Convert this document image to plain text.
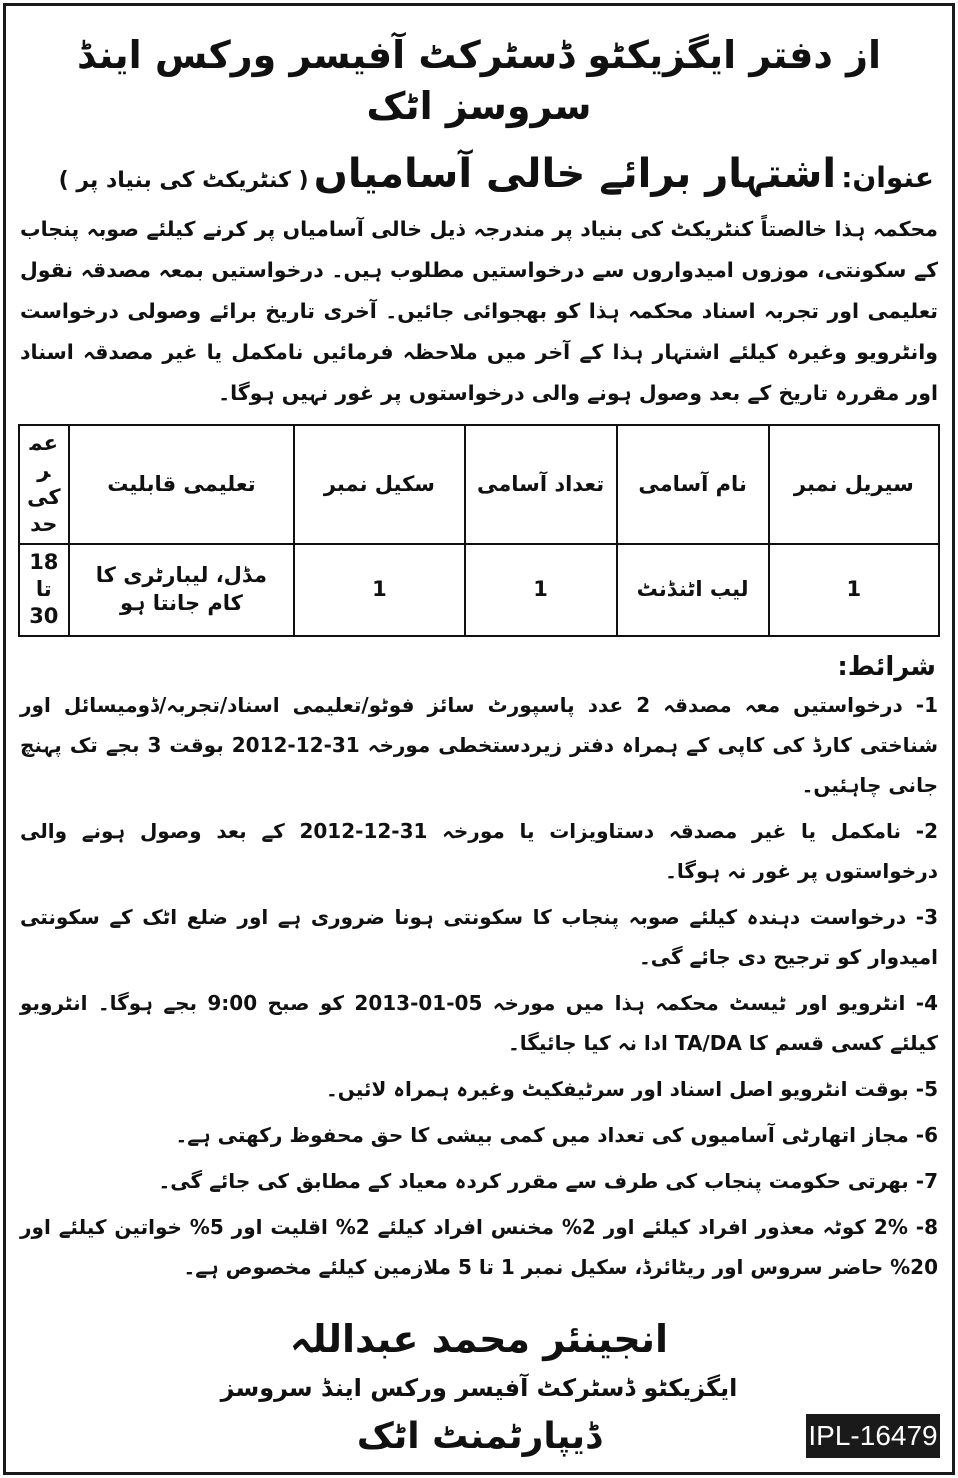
از دفتر ایگزیکٹو ڈسٹرکٹ آفیسر ورکس اینڈ سروسز اٹک
عنوان: اشتہار برائے خالی آسامیاں ( کنٹریکٹ کی بنیاد پر )
محکمہ ہذا خالصتاً کنٹریکٹ کی بنیاد پر مندرجہ ذیل خالی آسامیاں پر کرنے کیلئے صوبہ پنجاب کے سکونتی، موزوں امیدواروں سے درخواستیں مطلوب ہیں۔ درخواستیں بمعہ مصدقہ نقول تعلیمی اور تجربہ اسناد محکمہ ہذا کو بھجوائی جائیں۔ آخری تاریخ برائے وصولی درخواست وانٹرویو وغیرہ کیلئے اشتہار ہذا کے آخر میں ملاحظہ فرمائیں نامکمل یا غیر مصدقہ اسناد اور مقررہ تاریخ کے بعد وصول ہونے والی درخواستوں پر غور نہیں ہوگا۔
سیریل نمبر	نام آسامی	تعداد آسامی	سکیل نمبر	تعلیمی قابلیت	عمر کی حد
1	لیب اٹنڈنٹ	1	1	مڈل، لیبارٹری کا کام جانتا ہو	18 تا 30
شرائط:

1- درخواستیں معہ مصدقہ 2 عدد پاسپورٹ سائز فوٹو/تعلیمی اسناد/تجربہ/ڈومیسائل اور شناختی کارڈ کی کاپی کے ہمراہ دفتر زیردستخطی مورخہ 31-12-2012 بوقت 3 بجے تک پہنچ جانی چاہئیں۔

2- نامکمل یا غیر مصدقہ دستاویزات یا مورخہ 31-12-2012 کے بعد وصول ہونے والی درخواستوں پر غور نہ ہوگا۔

3- درخواست دہندہ کیلئے صوبہ پنجاب کا سکونتی ہونا ضروری ہے اور ضلع اٹک کے سکونتی امیدوار کو ترجیح دی جائے گی۔

4- انٹرویو اور ٹیسٹ محکمہ ہذا میں مورخہ 05-01-2013 کو صبح 9:00 بجے ہوگا۔ انٹرویو کیلئے کسی قسم کا TA/DA ادا نہ کیا جائیگا۔

5- بوقت انٹرویو اصل اسناد اور سرٹیفکیٹ وغیرہ ہمراہ لائیں۔

6- مجاز اتھارٹی آسامیوں کی تعداد میں کمی بیشی کا حق محفوظ رکھتی ہے۔

7- بھرتی حکومت پنجاب کی طرف سے مقرر کردہ معیاد کے مطابق کی جائے گی۔

8- 2% کوٹہ معذور افراد کیلئے اور 2% مخنس افراد کیلئے 2% اقلیت اور 5% خواتین کیلئے اور 20% حاضر سروس اور ریٹائرڈ، سکیل نمبر 1 تا 5 ملازمین کیلئے مخصوص ہے۔

انجینئر محمد عبداللہ
ایگزیکٹو ڈسٹرکٹ آفیسر ورکس اینڈ سروسز
ڈیپارٹمنٹ اٹک	IPL-16479
